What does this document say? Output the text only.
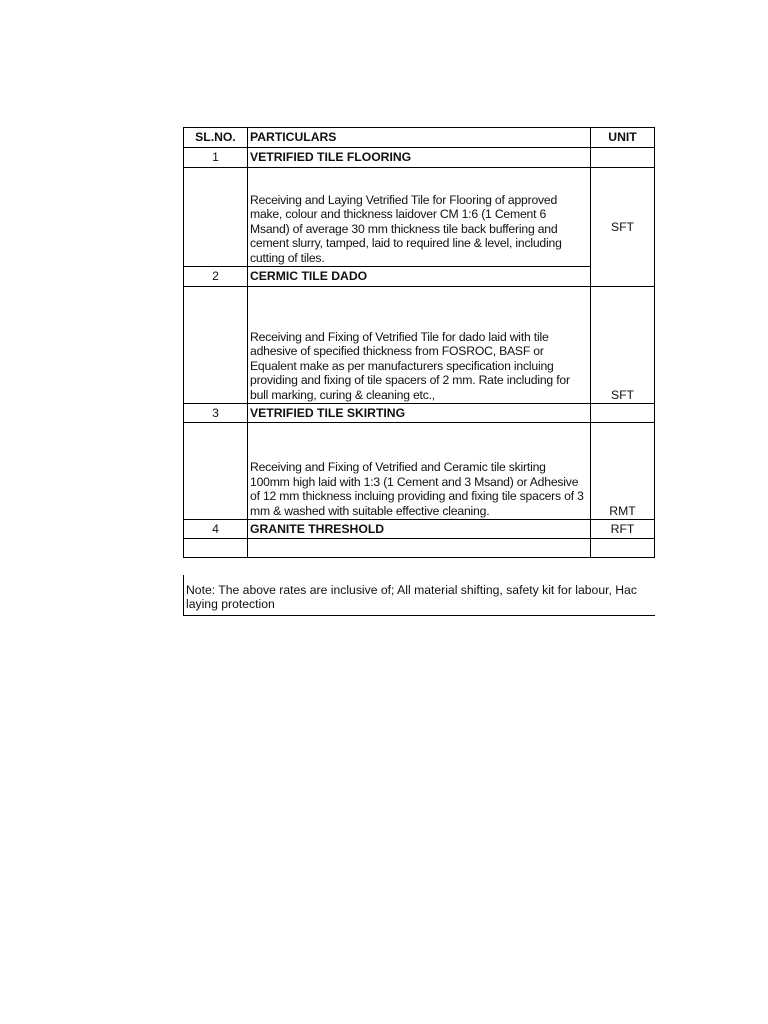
SL.NO.	PARTICULARS	UNIT
1	VETRIFIED TILE FLOORING	
	Receiving and Laying Vetrified Tile for Flooring of approved make, colour and thickness laidover CM 1:6 (1 Cement 6 Msand) of average 30 mm thickness tile back buffering and cement slurry, tamped, laid to required line & level, including cutting of tiles.	SFT
2	CERMIC TILE DADO	
	Receiving and Fixing of Vetrified Tile for dado laid with tile adhesive of specified thickness from FOSROC, BASF or Equalent make as per manufacturers specification incluing providing and fixing of tile spacers of 2 mm. Rate including for bull marking, curing & cleaning etc.,	SFT
3	VETRIFIED TILE SKIRTING	
	Receiving and Fixing of Vetrified and Ceramic tile skirting 100mm high laid with 1:3 (1 Cement and 3 Msand) or Adhesive of 12 mm thickness incluing providing and fixing tile spacers of 3 mm & washed with suitable effective cleaning.	RMT
4	GRANITE THRESHOLD	RFT

Note: The above rates are inclusive of; All material shifting, safety kit for labour, Hac
laying protection
